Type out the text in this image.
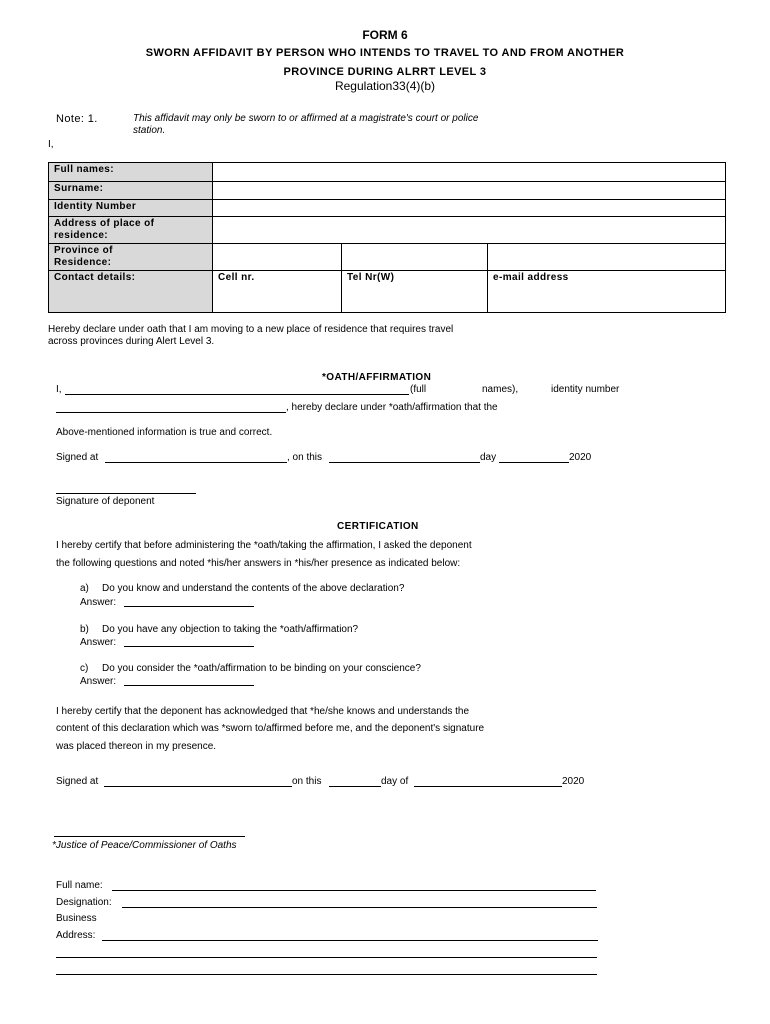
FORM 6
SWORN AFFIDAVIT BY PERSON WHO INTENDS TO TRAVEL TO AND FROM ANOTHER
PROVINCE DURING ALRRT LEVEL 3
Regulation33(4)(b)
Note: 1.	This affidavit may only be sworn to or affirmed at a magistrate's court or police
station.
I,
Full names:			
Surname:			
Identity Number			

Address of place of
residence:			

Province of
Residence:			

Contact details:	Cell nr.	Tel Nr(W)	e-mail address
Hereby declare under oath that I am moving to a new place of residence that requires travel
across provinces during Alert Level 3.
*OATH/AFFIRMATION
I,	(full	names),	identity number
, hereby declare under *oath/affirmation that the
Above-mentioned information is true and correct.
Signed at	, on this	day	2020
Signature of deponent
CERTIFICATION
I hereby certify that before administering the *oath/taking the affirmation, I asked the deponent
the following questions and noted *his/her answers in *his/her presence as indicated below:
a) Do you know and understand the contents of the above declaration?
Answer:
b) Do you have any objection to taking the *oath/affirmation?
Answer:
c) Do you consider the *oath/affirmation to be binding on your conscience?
Answer:
I hereby certify that the deponent has acknowledged that *he/she knows and understands the
content of this declaration which was *sworn to/affirmed before me, and the deponent's signature
was placed thereon in my presence.
Signed at	on this	day of	2020
*Justice of Peace/Commissioner of Oaths
Full name:
Designation:
Business
Address:
